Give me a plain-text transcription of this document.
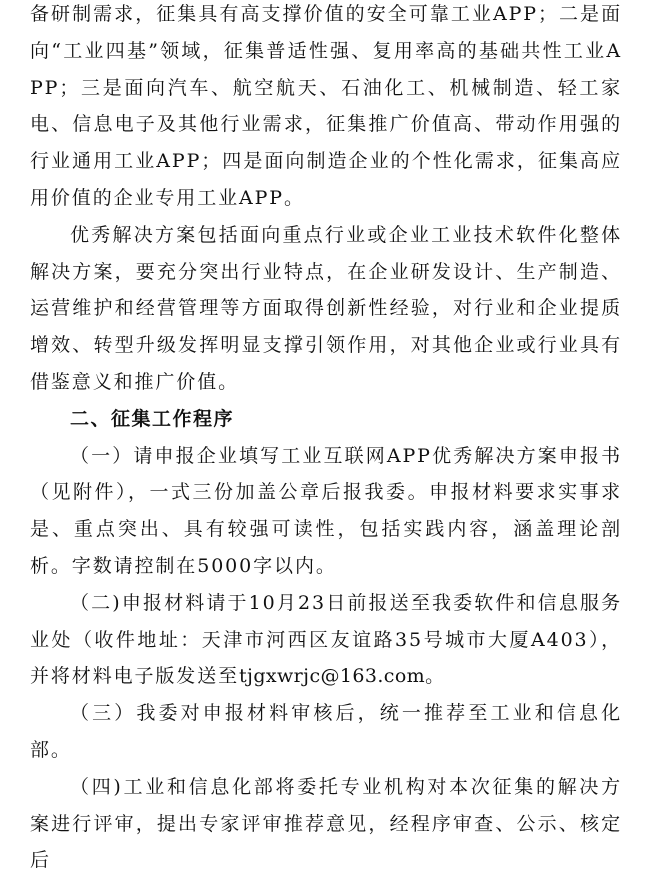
备研制需求，征集具有高支撑价值的安全可靠工业APP；二是面向“工业四基”领域，征集普适性强、复用率高的基础共性工业APP；三是面向汽车、航空航天、石油化工、机械制造、轻工家电、信息电子及其他行业需求，征集推广价值高、带动作用强的行业通用工业APP；四是面向制造企业的个性化需求，征集高应用价值的企业专用工业APP。

优秀解决方案包括面向重点行业或企业工业技术软件化整体解决方案，要充分突出行业特点，在企业研发设计、生产制造、运营维护和经营管理等方面取得创新性经验，对行业和企业提质增效、转型升级发挥明显支撑引领作用，对其他企业或行业具有借鉴意义和推广价值。

二、征集工作程序

（一）请申报企业填写工业互联网APP优秀解决方案申报书（见附件），一式三份加盖公章后报我委。申报材料要求实事求是、重点突出、具有较强可读性，包括实践内容，涵盖理论剖析。字数请控制在5000字以内。

（二)申报材料请于10月23日前报送至我委软件和信息服务业处（收件地址：天津市河西区友谊路35号城市大厦A403），并将材料电子版发送至tjgxwrjc@163.com。

（三）我委对申报材料审核后，统一推荐至工业和信息化部。

（四)工业和信息化部将委托专业机构对本次征集的解决方案进行评审，提出专家评审推荐意见，经程序审查、公示、核定后
